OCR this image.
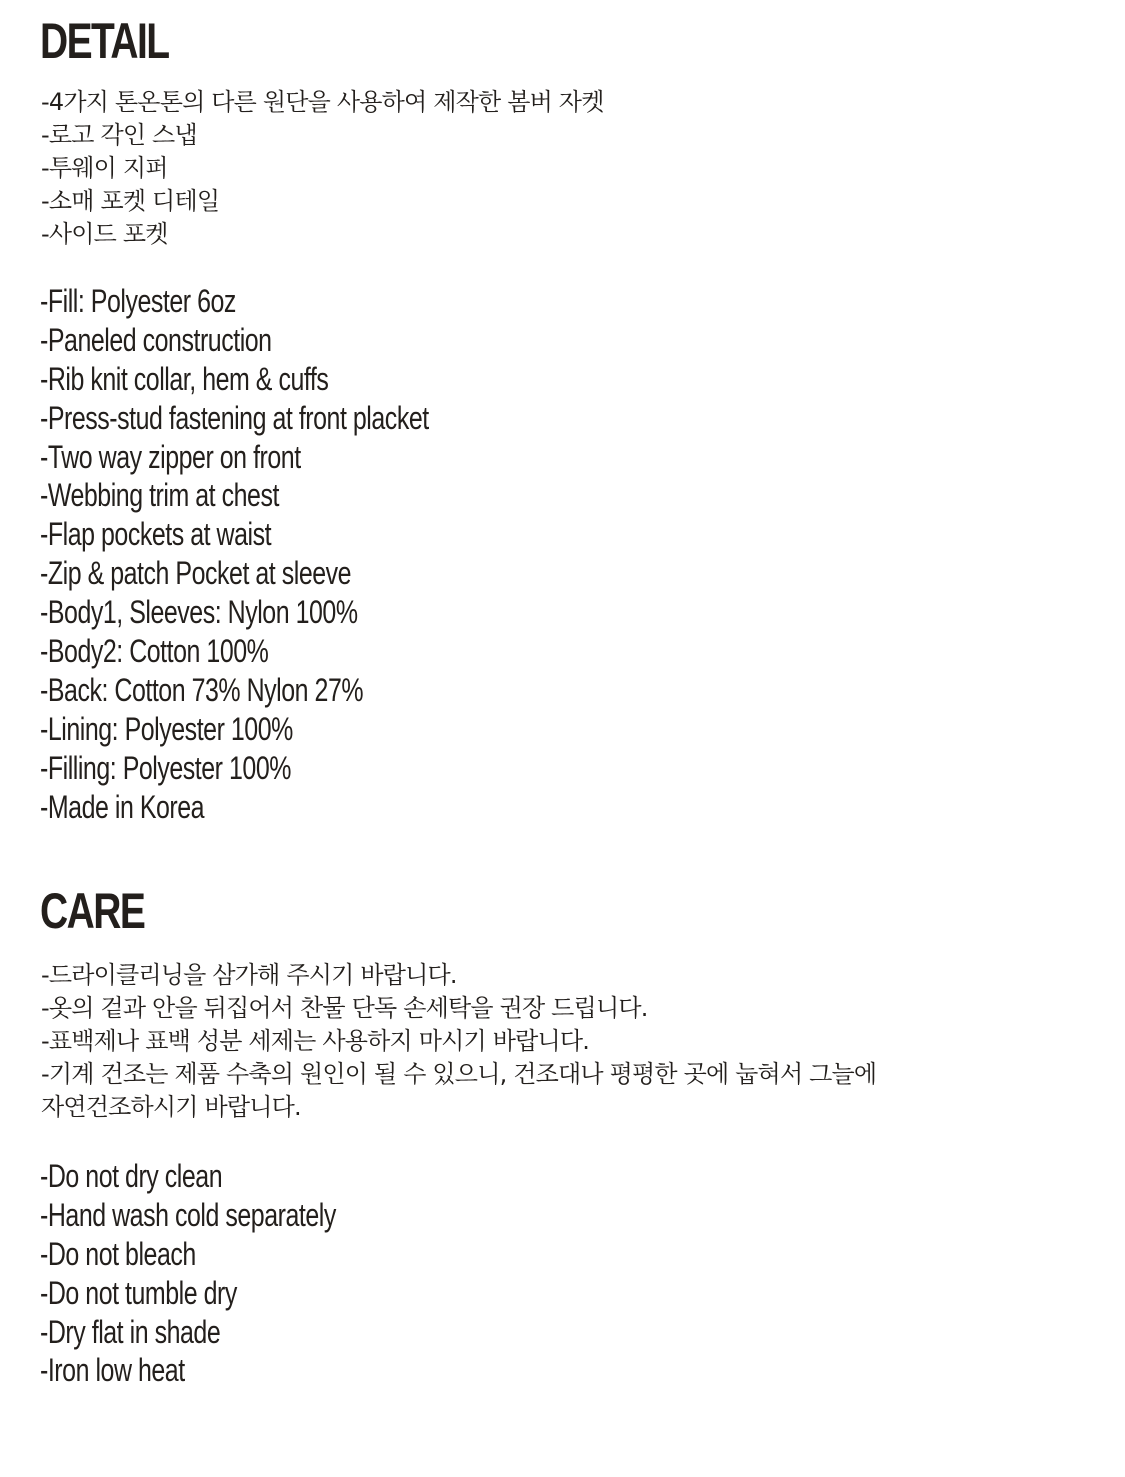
DETAIL
-4가지 톤온톤의 다른 원단을 사용하여 제작한 봄버 자켓
-로고 각인 스냅
-투웨이 지퍼
-소매 포켓 디테일
-사이드 포켓
-Fill: Polyester 6oz
-Paneled construction
-Rib knit collar, hem & cuffs
-Press-stud fastening at front placket
-Two way zipper on front
-Webbing trim at chest
-Flap pockets at waist
-Zip & patch Pocket at sleeve
-Body1, Sleeves: Nylon 100%
-Body2: Cotton 100%
-Back: Cotton 73% Nylon 27%
-Lining: Polyester 100%
-Filling: Polyester 100%
-Made in Korea
CARE
-드라이클리닝을 삼가해 주시기 바랍니다.
-옷의 겉과 안을 뒤집어서 찬물 단독 손세탁을 권장 드립니다.
-표백제나 표백 성분 세제는 사용하지 마시기 바랍니다.
-기계 건조는 제품 수축의 원인이 될 수 있으니, 건조대나 평평한 곳에 눕혀서 그늘에
자연건조하시기 바랍니다.
-Do not dry clean
-Hand wash cold separately
-Do not bleach
-Do not tumble dry
-Dry flat in shade
-Iron low heat
